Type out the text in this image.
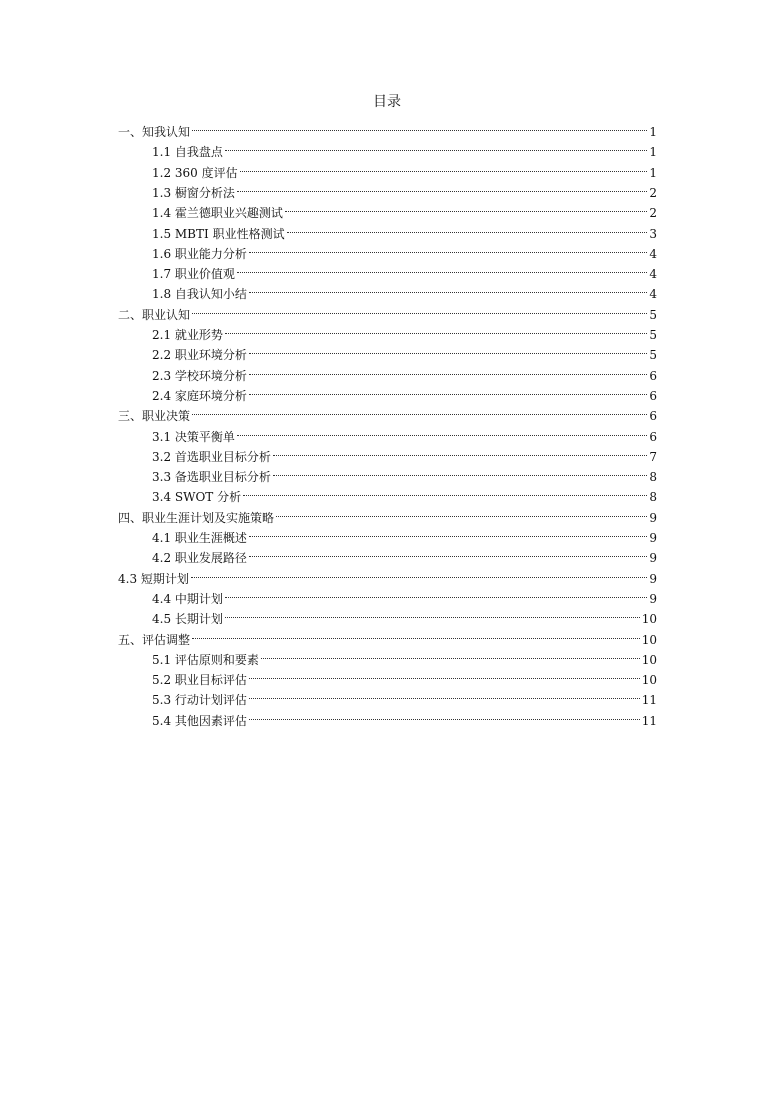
目录
一、知我认知	1
1.1 自我盘点	1
1.2 360 度评估	1
1.3 橱窗分析法	2
1.4 霍兰德职业兴趣测试	2
1.5 MBTI 职业性格测试	3
1.6 职业能力分析	4
1.7 职业价值观	4
1.8 自我认知小结	4
二、职业认知	5
2.1 就业形势	5
2.2 职业环境分析	5
2.3 学校环境分析	6
2.4 家庭环境分析	6
三、职业决策	6
3.1 决策平衡单	6
3.2 首选职业目标分析	7
3.3 备选职业目标分析	8
3.4 SWOT 分析	8
四、职业生涯计划及实施策略	9
4.1 职业生涯概述	9
4.2 职业发展路径	9
4.3 短期计划	9
4.4 中期计划	9
4.5 长期计划	10
五、评估调整	10
5.1 评估原则和要素	10
5.2 职业目标评估	10
5.3 行动计划评估	11
5.4 其他因素评估	11
